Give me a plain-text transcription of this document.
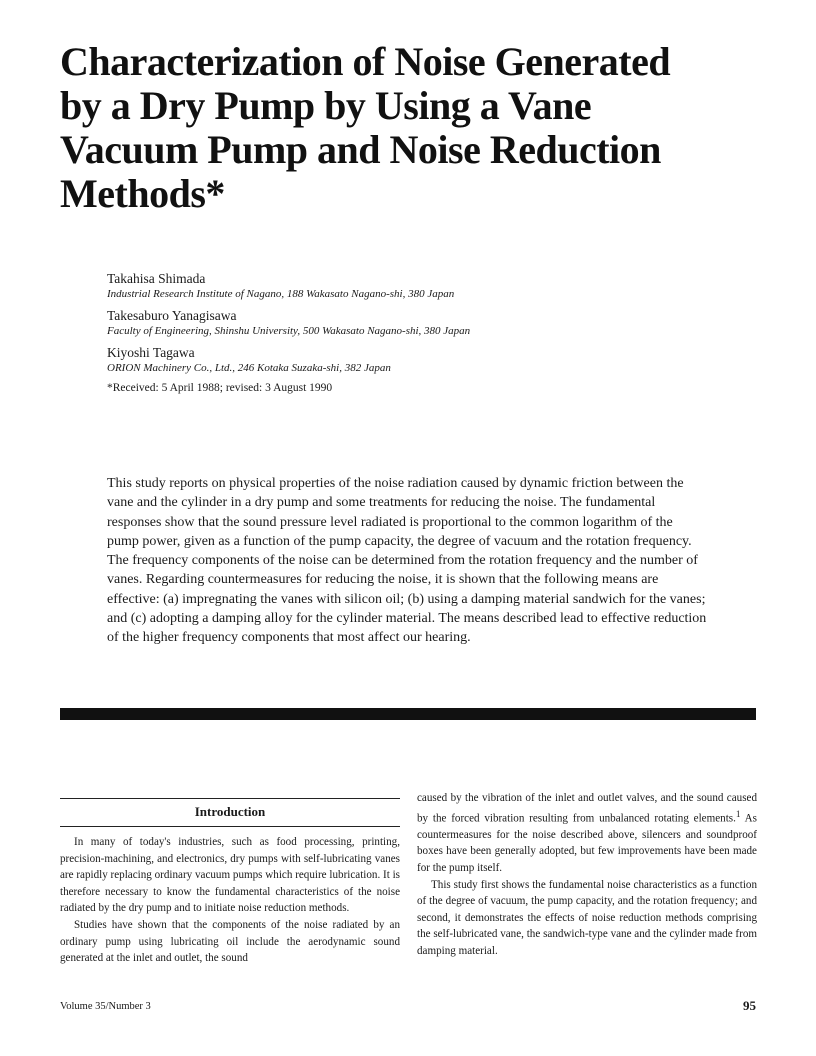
Characterization of Noise Generated
by a Dry Pump by Using a Vane
Vacuum Pump and Noise Reduction
Methods*
Takahisa Shimada
Industrial Research Institute of Nagano, 188 Wakasato Nagano-shi, 380 Japan
Takesaburo Yanagisawa
Faculty of Engineering, Shinshu University, 500 Wakasato Nagano-shi, 380 Japan
Kiyoshi Tagawa
ORION Machinery Co., Ltd., 246 Kotaka Suzaka-shi, 382 Japan
*Received: 5 April 1988; revised: 3 August 1990

This study reports on physical properties of the noise radiation caused by dynamic friction between the vane and the cylinder in a dry pump and some treatments for reducing the noise. The fundamental responses show that the sound pressure level radiated is proportional to the common logarithm of the pump power, given as a function of the pump capacity, the degree of vacuum and the rotation frequency. The frequency components of the noise can be determined from the rotation frequency and the number of vanes. Regarding countermeasures for reducing the noise, it is shown that the following means are effective: (a) impregnating the vanes with silicon oil; (b) using a damping material sandwich for the vanes; and (c) adopting a damping alloy for the cylinder material. The means described lead to effective reduction of the higher frequency components that most affect our hearing.

Introduction

In many of today's industries, such as food processing, printing, precision-machining, and electronics, dry pumps with self-lubricating vanes are rapidly replacing ordinary vacuum pumps which require lubrication. It is therefore necessary to know the fundamental characteristics of the noise radiated by the dry pump and to initiate noise reduction methods.

Studies have shown that the components of the noise radiated by an ordinary pump using lubricating oil include the aerodynamic sound generated at the inlet and outlet, the sound

caused by the vibration of the inlet and outlet valves, and the sound caused by the forced vibration resulting from unbalanced rotating elements.$^1$ As countermeasures for the noise described above, silencers and soundproof boxes have been generally adopted, but few improvements have been made for the pump itself.

This study first shows the fundamental noise characteristics as a function of the degree of vacuum, the pump capacity, and the rotation frequency; and second, it demonstrates the effects of noise reduction methods comprising the self-lubricated vane, the sandwich-type vane and the cylinder made from damping material.

Volume 35/Number 3	95
